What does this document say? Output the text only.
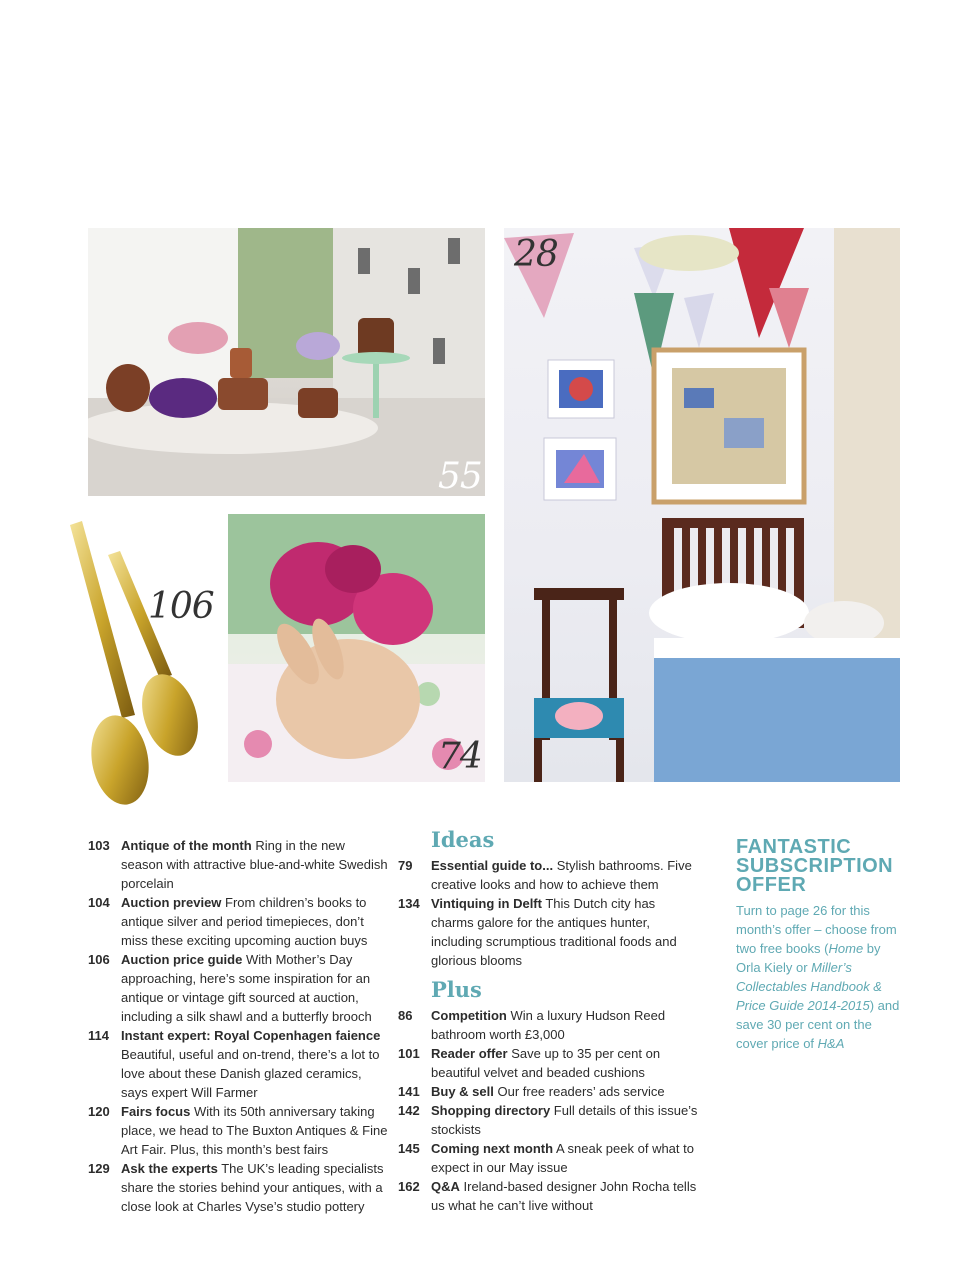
55
106
74
28

103 Antique of the month Ring in the new season with attractive blue-and-white Swedish porcelain

104 Auction preview From children’s books to antique silver and period timepieces, don’t miss these exciting upcoming auction buys

106 Auction price guide With Mother’s Day approaching, here’s some inspiration for an antique or vintage gift sourced at auction, including a silk shawl and a butterfly brooch

114 Instant expert: Royal Copenhagen faience Beautiful, useful and on-trend, there’s a lot to love about these Danish glazed ceramics, says expert Will Farmer

120 Fairs focus With its 50th anniversary taking place, we head to The Buxton Antiques & Fine Art Fair. Plus, this month’s best fairs

129 Ask the experts The UK’s leading specialists share the stories behind your antiques, with a close look at Charles Vyse’s studio pottery

Ideas

79 Essential guide to... Stylish bathrooms. Five creative looks and how to achieve them

134 Vintiquing in Delft This Dutch city has charms galore for the antiques hunter, including scrumptious traditional foods and glorious blooms

Plus

86 Competition Win a luxury Hudson Reed bathroom worth £3,000

101 Reader offer Save up to 35 per cent on beautiful velvet and beaded cushions

141 Buy & sell Our free readers’ ads service

142 Shopping directory Full details of this issue’s stockists

145 Coming next month A sneak peek of what to expect in our May issue

162 Q&A Ireland-based designer John Rocha tells us what he can’t live without

FANTASTIC SUBSCRIPTION OFFER
Turn to page 26 for this month’s offer – choose from two free books (Home by Orla Kiely or Miller’s Collectables Handbook & Price Guide 2014-2015) and save 30 per cent on the cover price of H&A
